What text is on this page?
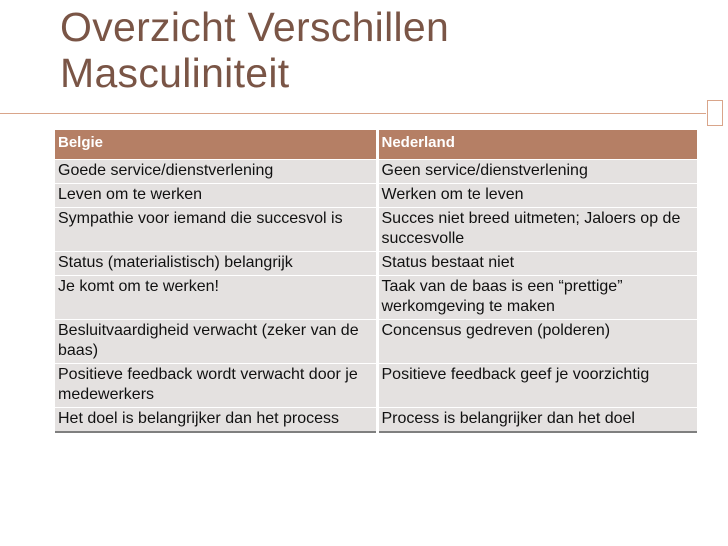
Overzicht Verschillen
Masculiniteit
Belgie	Nederland
Goede service/dienstverlening	Geen service/dienstverlening
Leven om te werken	Werken om te leven
Sympathie voor iemand die succesvol is	Succes niet breed uitmeten; Jaloers op de succesvolle
Status (materialistisch) belangrijk	Status bestaat niet
Je komt om te werken!	Taak van de baas is een “prettige” werkomgeving te maken
Besluitvaardigheid verwacht (zeker van de baas)	Concensus gedreven (polderen)
Positieve feedback wordt verwacht door je medewerkers	Positieve feedback geef je voorzichtig
Het doel is belangrijker dan het process	Process is belangrijker dan het doel
